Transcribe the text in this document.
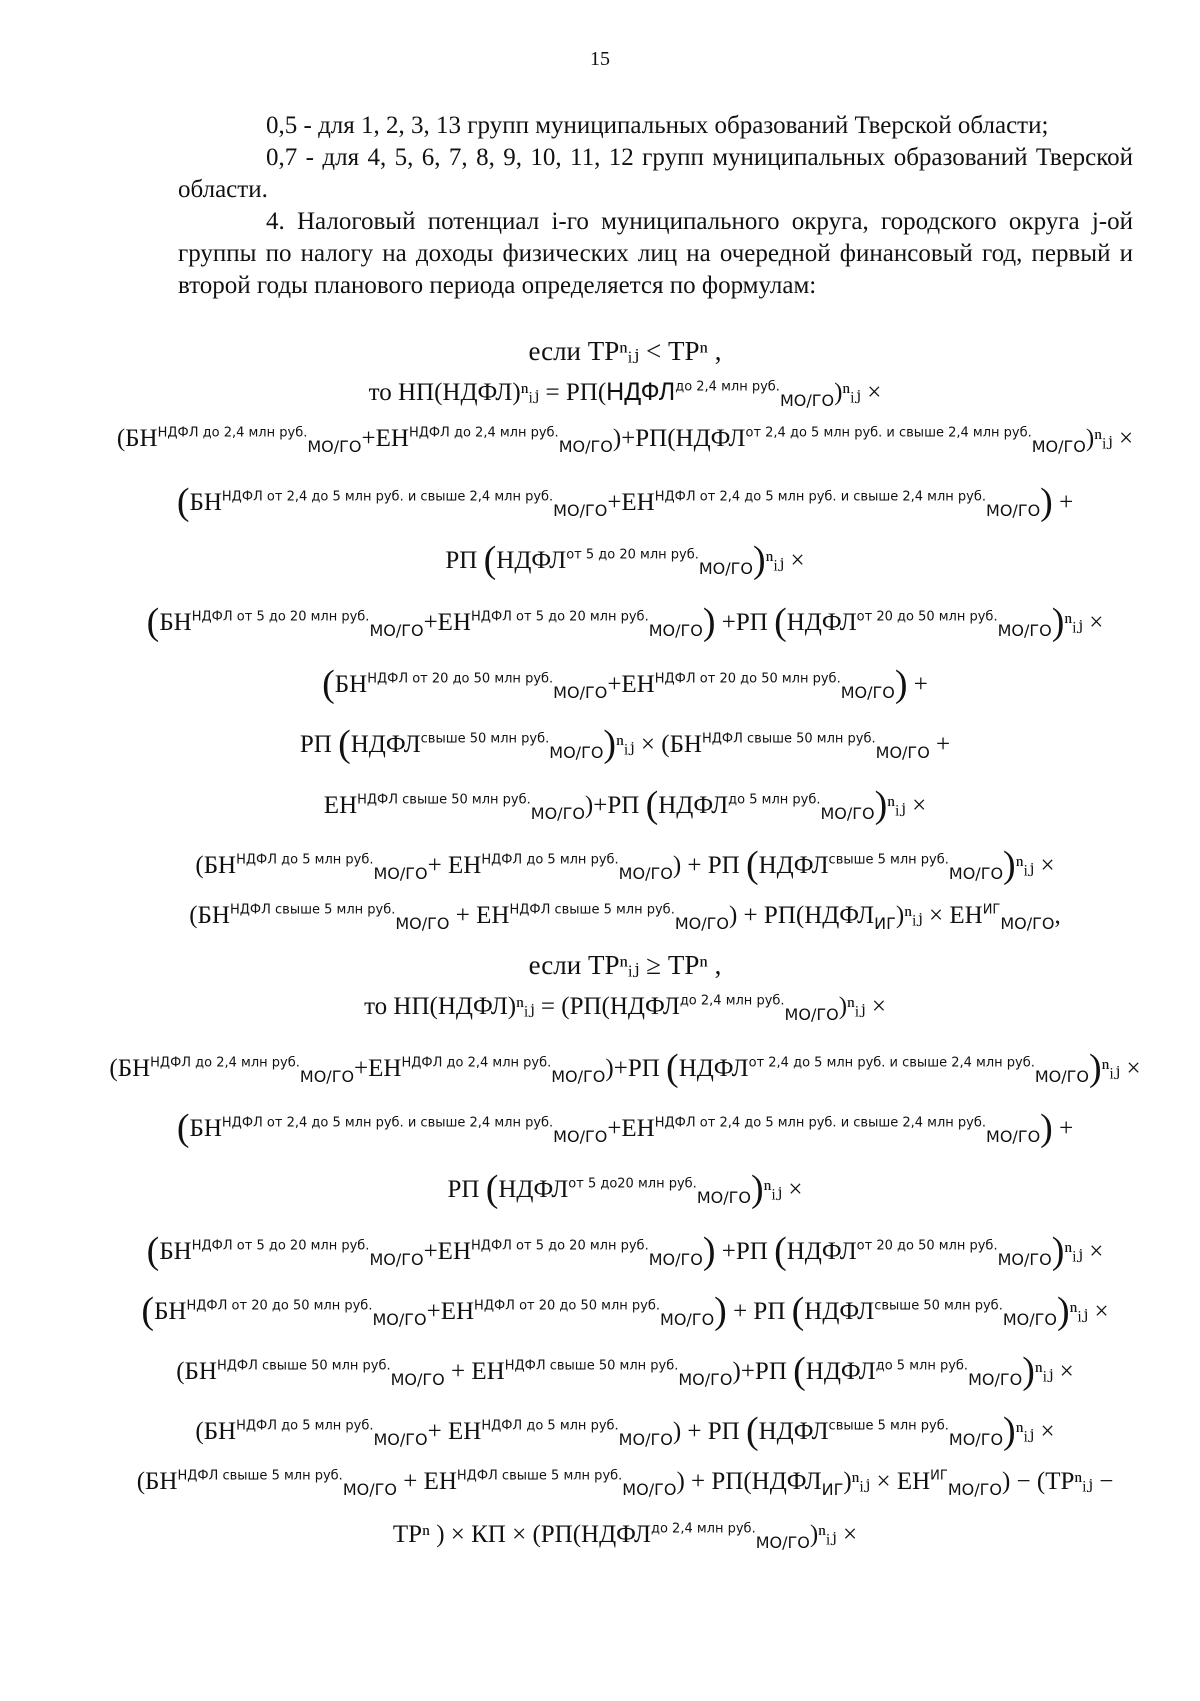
15

0,5 - для 1, 2, 3, 13 групп муниципальных образований Тверской области;

0,7 - для 4, 5, 6, 7, 8, 9, 10, 11, 12 групп муниципальных образований Тверской области.

4. Налоговый потенциал i-го муниципального округа, городского округа j-ой группы по налогу на доходы физических лиц на очередной финансовый год, первый и второй годы планового периода определяется по формулам:

если ТPⁿᵢⱼ < ТPⁿ ,
то НП(НДФЛ)ⁿᵢⱼ = $РП(НДФЛ^{до 2,4 млн руб.}_{МО/ГО})^nᵢⱼ$ ×
$(БН^{НДФЛ до 2,4 млн руб.}_{МО/ГО}+ЕН^{НДФЛ до 2,4 млн руб.}_{МО/ГО})+РП(НДФЛ^{от 2,4 до 5 млн руб. и свыше 2,4 млн руб.}_{МО/ГО})^nᵢⱼ$ ×
$(БН^{НДФЛ от 2,4 до 5 млн руб. и свыше 2,4 млн руб.}_{МО/ГО}+ЕН^{НДФЛ от 2,4 до 5 млн руб. и свыше 2,4 млн руб.}_{МО/ГО})$ +
РП $(НДФЛ^{от 5 до 20 млн руб.}_{МО/ГО})^nᵢⱼ$ ×
$(БН^{НДФЛ от 5 до 20 млн руб.}_{МО/ГО}+ЕН^{НДФЛ от 5 до 20 млн руб.}_{МО/ГО}) +РП$ $(НДФЛ^{от 20 до 50 млн руб.}_{МО/ГО})^nᵢⱼ$ ×
$(БН^{НДФЛ от 20 до 50 млн руб.}_{МО/ГО}+ЕН^{НДФЛ от 20 до 50 млн руб.}_{МО/ГО})$ +
РП $(НДФЛ^{свыше 50 млн руб.}_{МО/ГО})^nᵢⱼ \times (БН^{НДФЛ свыше 50 млн руб.}_{МО/ГО}$ +
$ЕН^{НДФЛ свыше 50 млн руб.}_{МО/ГО})+РП$ $(НДФЛ^{до 5 млн руб.}_{МО/ГО})^nᵢⱼ$ ×
$(БН^{НДФЛ до 5 млн руб.}_{МО/ГО}+ ЕН^{НДФЛ до 5 млн руб.}_{МО/ГО})$ + РП $(НДФЛ^{свыше 5 млн руб.}_{МО/ГО})^nᵢⱼ$ ×
$(БН^{НДФЛ свыше 5 млн руб.}_{МО/ГО} + ЕН^{НДФЛ свыше 5 млн руб.}_{МО/ГО})$ + $РП(НДФЛ_{ИГ})^nᵢⱼ \times ЕН^{ИГ}_{МО/ГО}$,
если ТPⁿᵢⱼ ≥ ТPⁿ ,
то НП(НДФЛ)ⁿᵢⱼ = ($РП(НДФЛ^{до 2,4 млн руб.}_{МО/ГО})^nᵢⱼ$ ×
$(БН^{НДФЛ до 2,4 млн руб.}_{МО/ГО}+ЕН^{НДФЛ до 2,4 млн руб.}_{МО/ГО})+РП$ $(НДФЛ^{от 2,4 до 5 млн руб. и свыше 2,4 млн руб.}_{МО/ГО})^nᵢⱼ$ ×
$(БН^{НДФЛ от 2,4 до 5 млн руб. и свыше 2,4 млн руб.}_{МО/ГО}+ЕН^{НДФЛ от 2,4 до 5 млн руб. и свыше 2,4 млн руб.}_{МО/ГО})$ +
РП $(НДФЛ^{от 5 до20 млн руб.}_{МО/ГО})^nᵢⱼ$ ×
$(БН^{НДФЛ от 5 до 20 млн руб.}_{МО/ГО}+ЕН^{НДФЛ от 5 до 20 млн руб.}_{МО/ГО}) +РП$ $(НДФЛ^{от 20 до 50 млн руб.}_{МО/ГО})^nᵢⱼ$ ×
$(БН^{НДФЛ от 20 до 50 млн руб.}_{МО/ГО}+ЕН^{НДФЛ от 20 до 50 млн руб.}_{МО/ГО})$ + РП $(НДФЛ^{свыше 50 млн руб.}_{МО/ГО})^nᵢⱼ$ ×
$(БН^{НДФЛ свыше 50 млн руб.}_{МО/ГО} + ЕН^{НДФЛ свыше 50 млн руб.}_{МО/ГО})+РП$ $(НДФЛ^{до 5 млн руб.}_{МО/ГО})^nᵢⱼ$ ×
$(БН^{НДФЛ до 5 млн руб.}_{МО/ГО}+ ЕН^{НДФЛ до 5 млн руб.}_{МО/ГО})$ + РП $(НДФЛ^{свыше 5 млн руб.}_{МО/ГО})^nᵢⱼ$ ×
$(БН^{НДФЛ свыше 5 млн руб.}_{МО/ГО} + ЕН^{НДФЛ свыше 5 млн руб.}_{МО/ГО})$ + $РП(НДФЛ_{ИГ})^nᵢⱼ \times ЕН^{ИГ}_{МО/ГО}$) − (ТPⁿᵢⱼ −
ТPⁿ ) × КП × ($РП(НДФЛ^{до 2,4 млн руб.}_{МО/ГО})^nᵢⱼ$ ×
